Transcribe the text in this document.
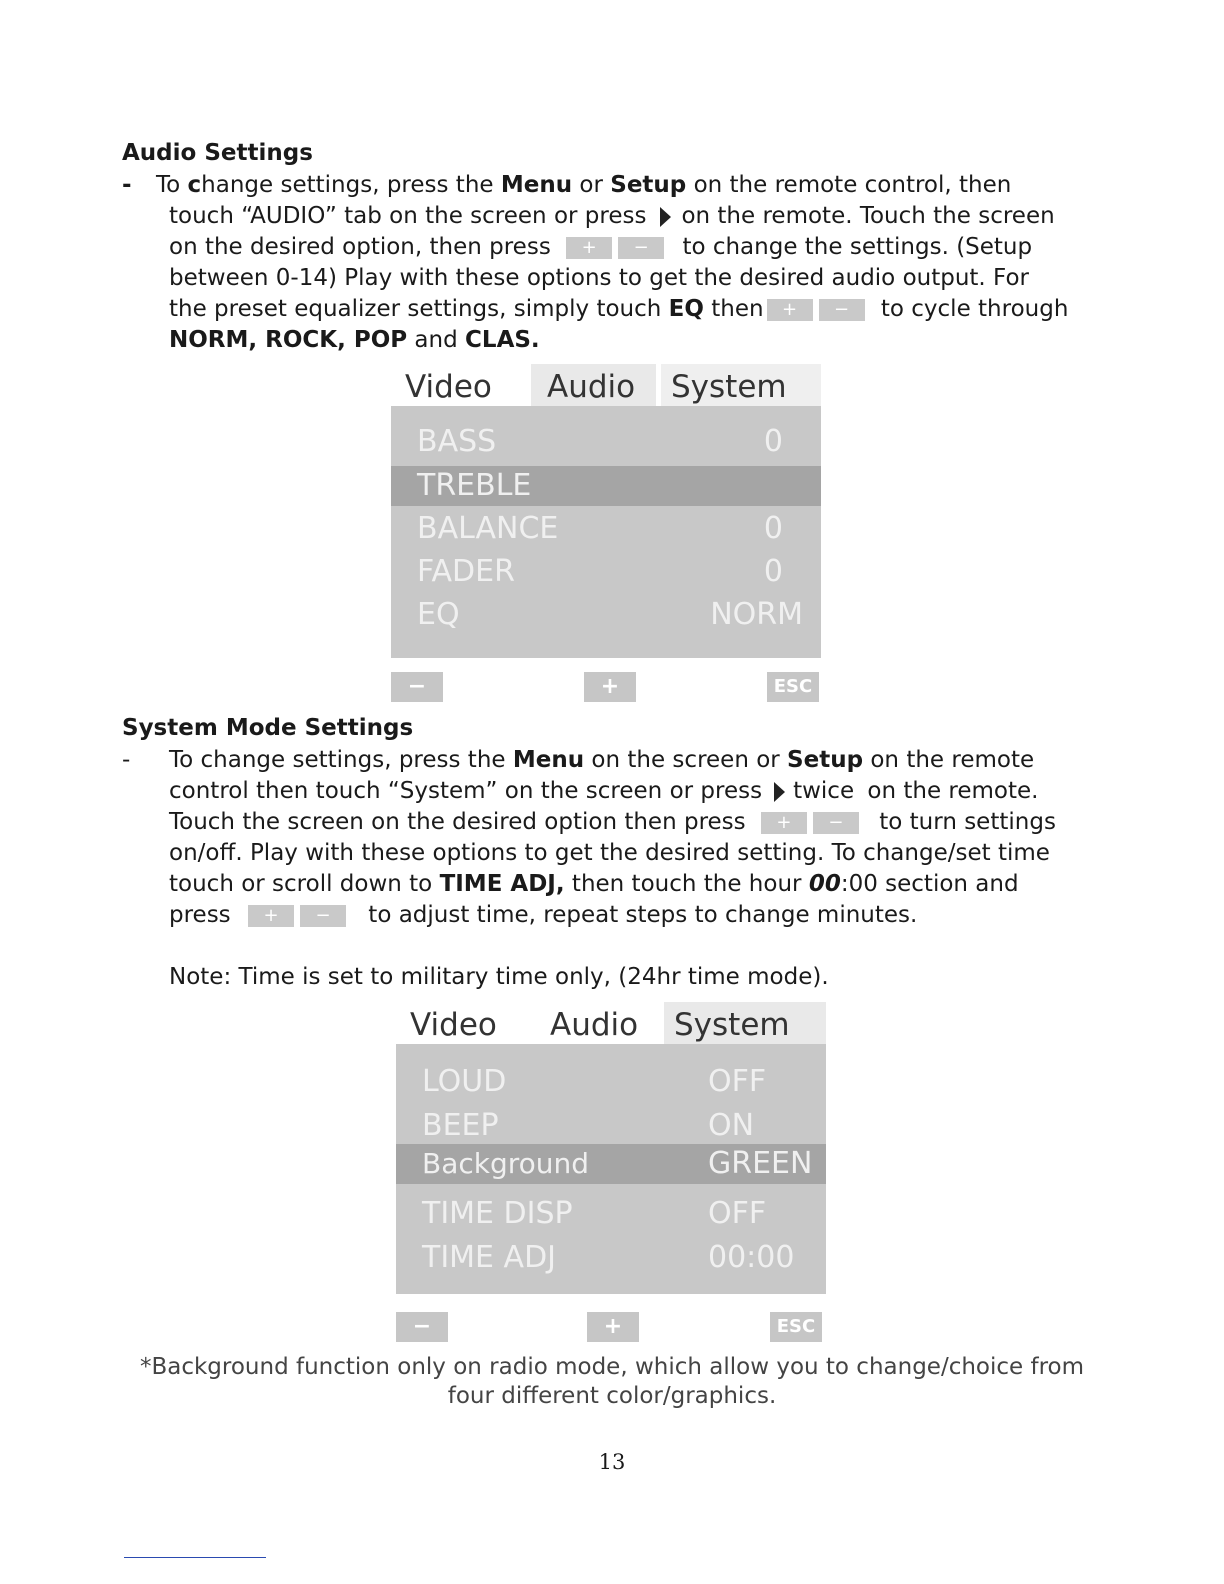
Audio Settings
- To change settings, press the Menu or Setup on the remote control, then
touch “AUDIO” tab on the screen or press on the remote. Touch the screen
on the desired option, then press + − to change the settings. (Setup
between 0-14) Play with these options to get the desired audio output. For
the preset equalizer settings, simply touch EQ then + − to cycle through
NORM, ROCK, POP and CLAS.
Video	Audio	System
BASS	0
TREBLE
BALANCE	0
FADER	0
EQ	NORM
−	+	ESC
System Mode Settings
- To change settings, press the Menu on the screen or Setup on the remote
control then touch “System” on the screen or press twice on the remote.
Touch the screen on the desired option then press + − to turn settings
on/off. Play with these options to get the desired setting. To change/set time
touch or scroll down to TIME ADJ, then touch the hour 00:00 section and
press + − to adjust time, repeat steps to change minutes.
Note: Time is set to military time only, (24hr time mode).
Video	Audio	System
LOUD	OFF
BEEP	ON
Background	GREEN
TIME DISP	OFF
TIME ADJ	00:00
−	+	ESC
*Background function only on radio mode, which allow you to change/choice from
four different color/graphics.
13
